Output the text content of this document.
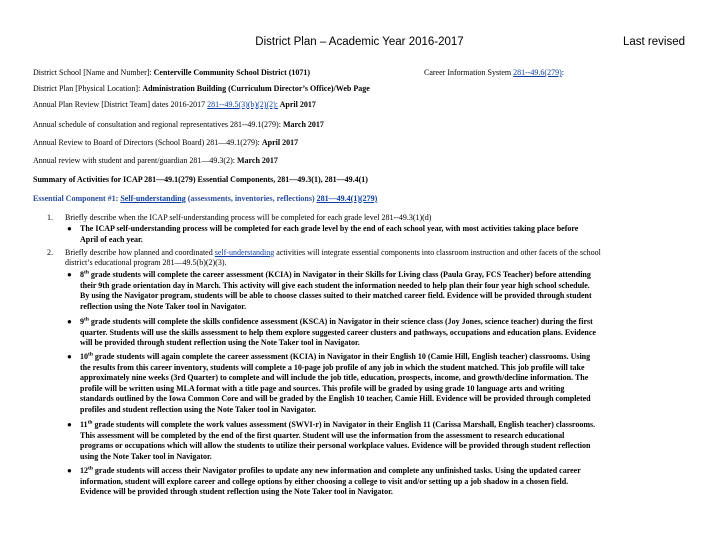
District Plan – Academic Year 2016-2017	Last revised
District School [Name and Number]: Centerville Community School District (1071)	Career Information System 281--49.6(279):
District Plan [Physical Location]: Administration Building (Curriculum Director’s Office)/Web Page
Annual Plan Review [District Team] dates 2016-2017 281--49.5(3)(b)(2)(2): April 2017
Annual schedule of consultation and regional representatives 281--49.1(279): March 2017
Annual Review to Board of Directors (School Board) 281—49.1(279): April 2017
Annual review with student and parent/guardian 281—49.3(2): March 2017
Summary of Activities for ICAP 281—49.1(279) Essential Components, 281—49.3(1), 281—49.4(1)
Essential Component #1: Self-understanding (assessments, inventories, reflections) 281—49.4(1)(279)
1. Briefly describe when the ICAP self-understanding process will be completed for each grade level 281--49.3(1)(d)
● The ICAP self-understanding process will be completed for each grade level by the end of each school year, with most activities taking place before
April of each year.
2. Briefly describe how planned and coordinated self-understanding activities will integrate essential components into classroom instruction and other facets of the school
district’s educational program 281—49.5(b)(2)(3).
● 8th grade students will complete the career assessment (KCIA) in Navigator in their Skills for Living class (Paula Gray, FCS Teacher) before attending
their 9th grade orientation day in March. This activity will give each student the information needed to help plan their four year high school schedule.
By using the Navigator program, students will be able to choose classes suited to their matched career field. Evidence will be provided through student
reflection using the Note Taker tool in Navigator.
● 9th grade students will complete the skills confidence assessment (KSCA) in Navigator in their science class (Joy Jones, science teacher) during the first
quarter. Students will use the skills assessment to help them explore suggested career clusters and pathways, occupations and education plans. Evidence
will be provided through student reflection using the Note Taker tool in Navigator.
● 10th grade students will again complete the career assessment (KCIA) in Navigator in their English 10 (Camie Hill, English teacher) classrooms. Using
the results from this career inventory, students will complete a 10-page job profile of any job in which the student matched. This job profile will take
approximately nine weeks (3rd Quarter) to complete and will include the job title, education, prospects, income, and growth/decline information. The
profile will be written using MLA format with a title page and sources. This profile will be graded by using grade 10 language arts and writing
standards outlined by the Iowa Common Core and will be graded by the English 10 teacher, Camie Hill. Evidence will be provided through completed
profiles and student reflection using the Note Taker tool in Navigator.
● 11th grade students will complete the work values assessment (SWVI-r) in Navigator in their English 11 (Carissa Marshall, English teacher) classrooms.
This assessment will be completed by the end of the first quarter. Student will use the information from the assessment to research educational
programs or occupations which will allow the students to utilize their personal workplace values. Evidence will be provided through student reflection
using the Note Taker tool in Navigator.
● 12th grade students will access their Navigator profiles to update any new information and complete any unfinished tasks. Using the updated career
information, student will explore career and college options by either choosing a college to visit and/or setting up a job shadow in a chosen field.
Evidence will be provided through student reflection using the Note Taker tool in Navigator.
